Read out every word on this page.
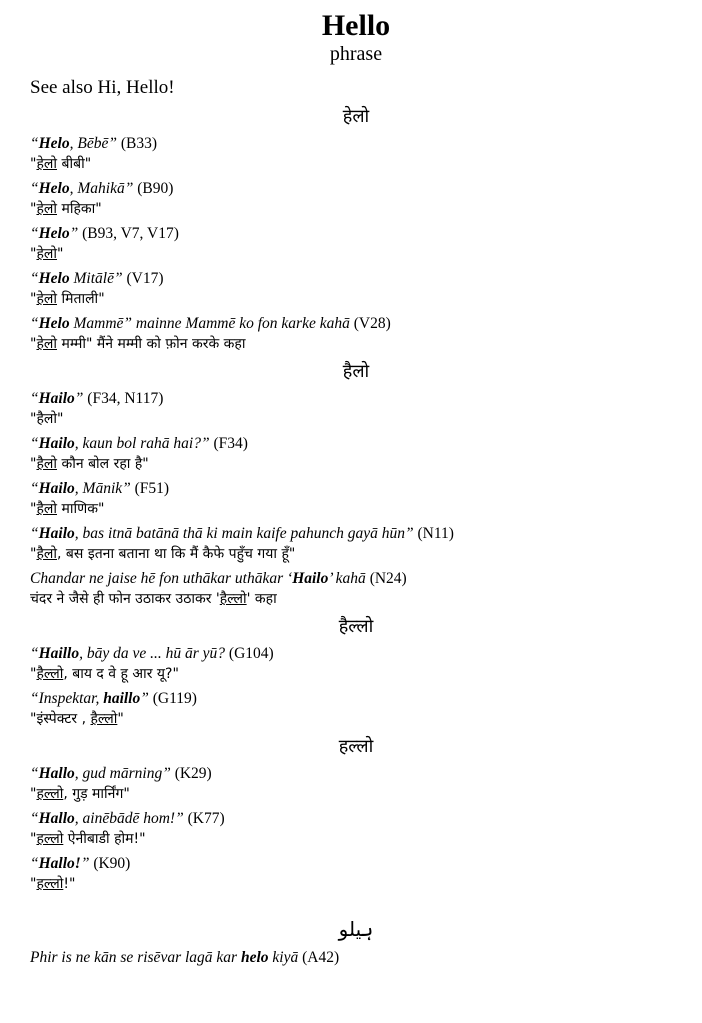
Hello
phrase
See also Hi, Hello!
हेलो
“Helo, Bēbē” (B33)
"हेलो बीबी"
“Helo, Mahikā” (B90)
"हेलो महिका"
“Helo” (B93, V7, V17)
"हेलो"
“Helo Mitālē” (V17)
"हेलो मिताली"
“Helo Mammē” mainne Mammē ko fon karke kahā (V28)
"हेलो मम्मी" मैंने मम्मी को फ़ोन करके कहा
हैलो
“Hailo” (F34, N117)
"हैलो"
“Hailo, kaun bol rahā hai?” (F34)
"हैलो कौन बोल रहा है"
“Hailo, Mānik” (F51)
"हैलो माणिक"
“Hailo, bas itnā batānā thā ki main kaife pahunch gayā hūn” (N11)
"हैलो, बस इतना बताना था कि मैं कैफे पहुँच गया हूँ"
Chandar ne jaise hē fon uthākar uthākar ‘Hailo’ kahā (N24)
चंदर ने जैसे ही फोन उठाकर उठाकर 'हैल्लो' कहा
हैल्लो
“Haillo, bāy da ve ... hū ār yū? (G104)
"हैल्लो, बाय द वे हू आर यू?"
“Inspektar, haillo” (G119)
"इंस्पेक्टर , हैल्लो"
हल्लो
“Hallo, gud mārning” (K29)
"हल्लो, गुड़ मार्निंग"
“Hallo, ainēbādē hom!” (K77)
"हल्लो ऐनीबाडी होम!"
“Hallo!” (K90)
"हल्लो!"
ہیلو
Phir is ne kān se risēvar lagā kar helo kiyā (A42)
